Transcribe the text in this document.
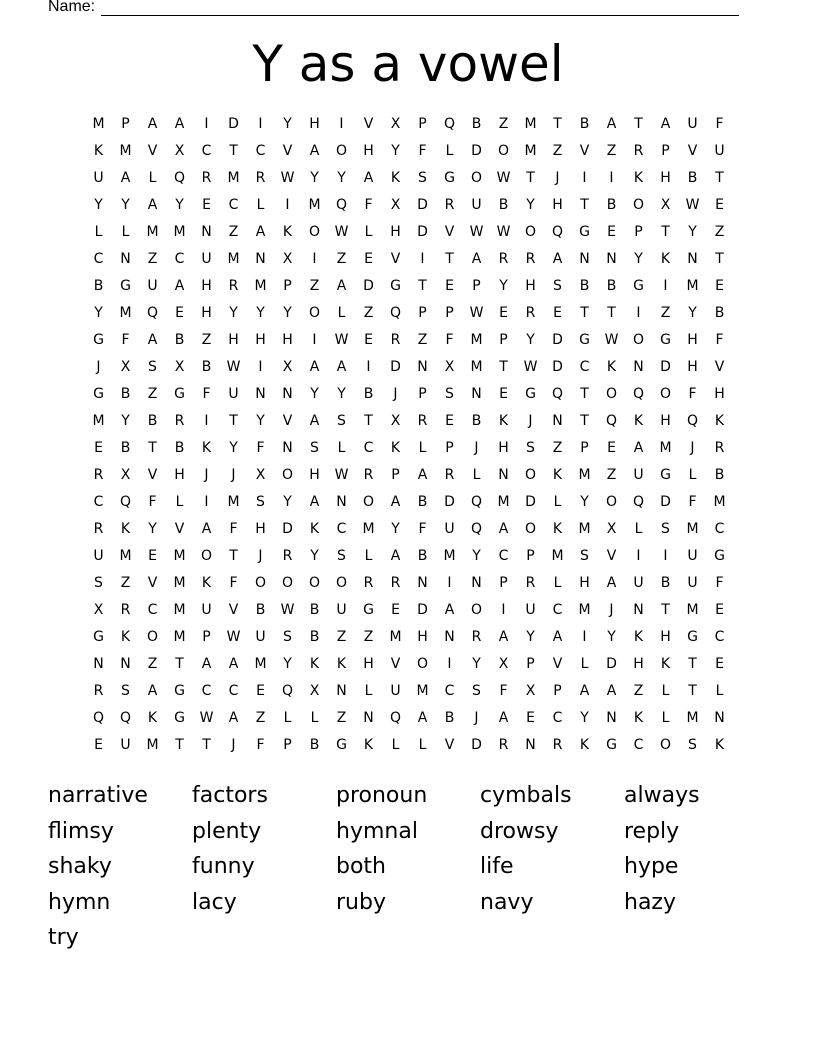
Name:
Y as a vowel
M	P	A	A	I	D	I	Y	H	I	V	X	P	Q	B	Z	M	T	B	A	T	A	U	F
K	M	V	X	C	T	C	V	A	O	H	Y	F	L	D	O	M	Z	V	Z	R	P	V	U
U	A	L	Q	R	M	R	W	Y	Y	A	K	S	G	O	W	T	J	I	I	K	H	B	T
Y	Y	A	Y	E	C	L	I	M	Q	F	X	D	R	U	B	Y	H	T	B	O	X	W	E
L	L	M	M	N	Z	A	K	O	W	L	H	D	V	W W	O	Q	G	E	P	T	Y	Z
C	N	Z	C	U	M	N	X	I	Z	E	V	I	T	A	R	R	A	N	N	Y	K	N	T
B	G	U	A	H	R	M	P	Z	A	D	G	T	E	P	Y	H	S	B	B	G	I	M	E
Y	M	Q	E	H	Y	Y	Y	O	L	Z	Q	P	P	W	E	R	E	T	T	I	Z	Y	B
G	F	A	B	Z	H	H	H	I	W	E	R	Z	F	M	P	Y	D	G	W	O	G	H	F
J	X	S	X	B	W	I	X	A	A	I	D	N	X	M	T	W	D	C	K	N	D	H	V
G	B	Z	G	F	U	N	N	Y	Y	B	J	P	S	N	E	G	Q	T	O	Q	O	F	H
M	Y	B	R	I	T	Y	V	A	S	T	X	R	E	B	K	J	N	T	Q	K	H	Q	K
E	B	T	B	K	Y	F	N	S	L	C	K	L	P	J	H	S	Z	P	E	A	M	J	R
R	X	V	H	J	J	X	O	H	W	R	P	A	R	L	N	O	K	M	Z	U	G	L	B
C	Q	F	L	I	M	S	Y	A	N	O	A	B	D	Q	M	D	L	Y	O	Q	D	F	M
R	K	Y	V	A	F	H	D	K	C	M	Y	F	U	Q	A	O	K	M	X	L	S	M	C
U	M	E	M	O	T	J	R	Y	S	L	A	B	M	Y	C	P	M	S	V	I	I	U	G
S	Z	V	M	K	F	O	O	O	O	R	R	N	I	N	P	R	L	H	A	U	B	U	F
X	R	C	M	U	V	B	W	B	U	G	E	D	A	O	I	U	C	M	J	N	T	M	E
G	K	O	M	P	W	U	S	B	Z	Z	M	H	N	R	A	Y	A	I	Y	K	H	G	C
N	N	Z	T	A	A	M	Y	K	K	H	V	O	I	Y	X	P	V	L	D	H	K	T	E
R	S	A	G	C	C	E	Q	X	N	L	U	M	C	S	F	X	P	A	A	Z	L	T	L
Q	Q	K	G	W	A	Z	L	L	Z	N	Q	A	B	J	A	E	C	Y	N	K	L	M	N
E	U	M	T	T	J	F	P	B	G	K	L	L	V	D	R	N	R	K	G	C	O	S	K
narrative	factors	pronoun	cymbals	always
flimsy	plenty	hymnal	drowsy	reply
shaky	funny	both	life	hype
hymn	lacy	ruby	navy	hazy
try
